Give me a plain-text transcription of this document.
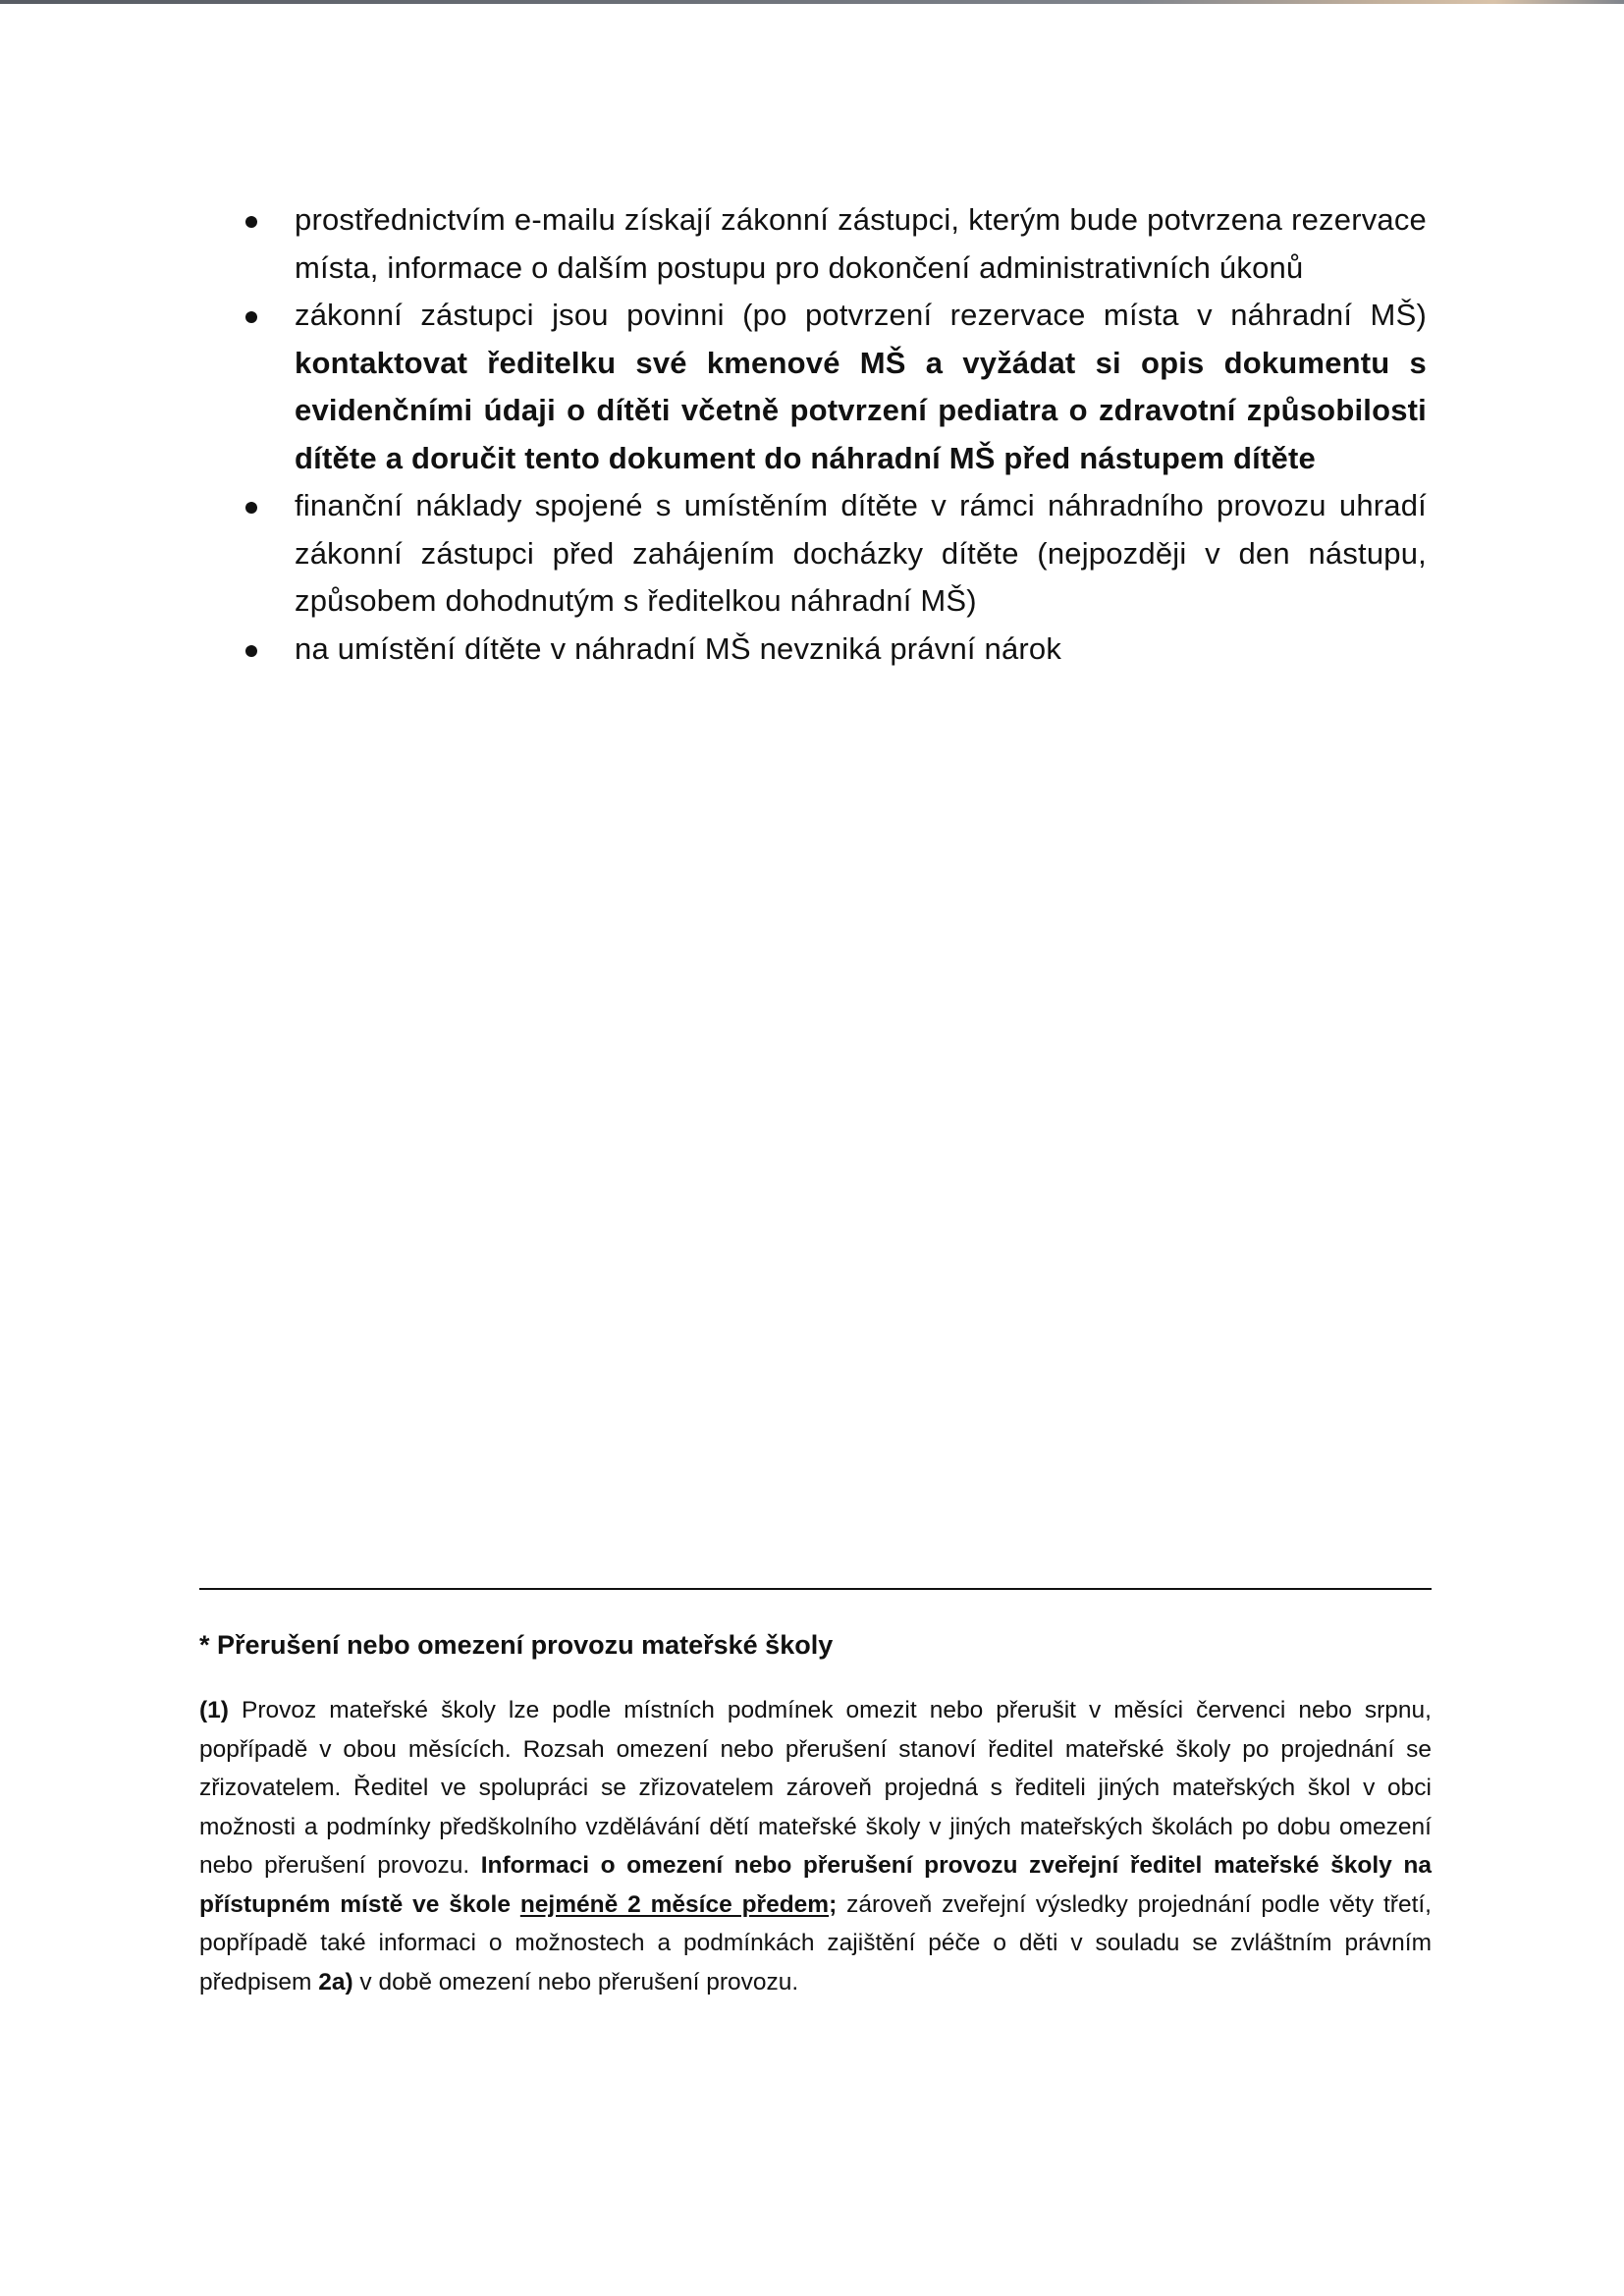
prostřednictvím e-mailu získají zákonní zástupci, kterým bude potvrzena rezervace místa, informace o dalším postupu pro dokončení administrativních úkonů
zákonní zástupci jsou povinni (po potvrzení rezervace místa v náhradní MŠ) kontaktovat ředitelku své kmenové MŠ a vyžádat si opis dokumentu s evidenčními údaji o dítěti včetně potvrzení pediatra o zdravotní způsobilosti dítěte a doručit tento dokument do náhradní MŠ před nástupem dítěte
finanční náklady spojené s umístěním dítěte v rámci náhradního provozu uhradí zákonní zástupci před zahájením docházky dítěte (nejpozději v den nástupu, způsobem dohodnutým s ředitelkou náhradní MŠ)
na umístění dítěte v náhradní MŠ nevzniká právní nárok

* Přerušení nebo omezení provozu mateřské školy

(1) Provoz mateřské školy lze podle místních podmínek omezit nebo přerušit v měsíci červenci nebo srpnu, popřípadě v obou měsících. Rozsah omezení nebo přerušení stanoví ředitel mateřské školy po projednání se zřizovatelem. Ředitel ve spolupráci se zřizovatelem zároveň projedná s řediteli jiných mateřských škol v obci možnosti a podmínky předškolního vzdělávání dětí mateřské školy v jiných mateřských školách po dobu omezení nebo přerušení provozu. Informaci o omezení nebo přerušení provozu zveřejní ředitel mateřské školy na přístupném místě ve škole nejméně 2 měsíce předem; zároveň zveřejní výsledky projednání podle věty třetí, popřípadě také informaci o možnostech a podmínkách zajištění péče o děti v souladu se zvláštním právním předpisem 2a) v době omezení nebo přerušení provozu.
